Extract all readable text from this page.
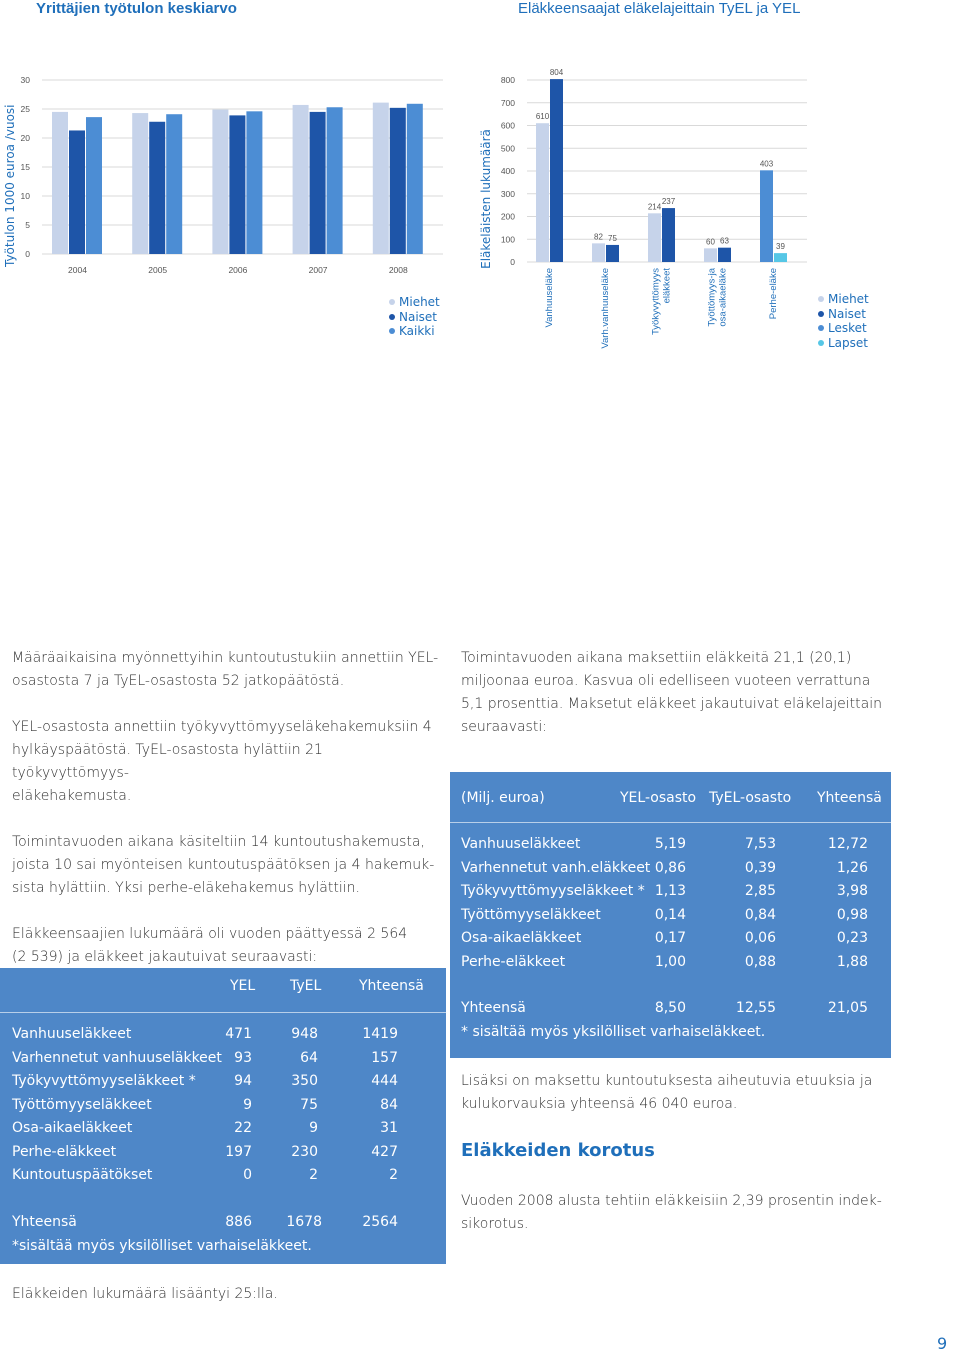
Yrittäjien työtulon keskiarvo	Eläkkeensaajat eläkelajeittain TyEL ja YEL
Työtulon 1000 euroa /vuosi 0
5
10
15
20
25
30
2004	2005	2006	2007	2008
Miehet
Naiset
Kaikki
Eläkeläisten lukumäärä 0
100
200
300
400
500
600
700
800
610
804
82 75
214
237
60 63
403
39
Vanhuuseläke	Varh.vanhuuseläke	Työkyvyttömyys eläkkeet	Työttömyys-ja osa-aikaeläke	Perhe-eläke	Miehet
Naiset
Lesket
Lapset

Määräaikaisina myönnettyihin kuntoutustukiin annettiin YEL-
osastosta 7 ja TyEL-osastosta 52 jatkopäätöstä.

YEL-osastosta annettiin työkyvyttömyyseläkehakemuksiin 4
hylkäyspäätöstä. TyEL-osastosta hylättiin 21 työkyvyttömyys-
eläkehakemusta.

Toimintavuoden aikana käsiteltiin 14 kuntoutushakemusta,
joista 10 sai myönteisen kuntoutuspäätöksen ja 4 hakemuk-
sista hylättiin. Yksi perhe-eläkehakemus hylättiin.

Eläkkeensaajien lukumäärä oli vuoden päättyessä 2 564
(2 539) ja eläkkeet jakautuivat seuraavasti:

YEL TyEL	Yhteensä
Vanhuuseläkkeet	471	948	1419
Varhennetut vanhuuseläkkeet 93	64	157
Työkyvyttömyyseläkkeet *	94	350	444
Työttömyyseläkkeet	9	75	84
Osa-aikaeläkkeet	22	9	31
Perhe-eläkkeet	197	230	427
Kuntoutuspäätökset	0	2	2
Yhteensä	886	1678	2564
*sisältää myös yksilölliset varhaiseläkkeet.
Eläkkeiden lukumäärä lisääntyi 25:lla.
Toimintavuoden aikana maksettiin eläkkeitä 21,1 (20,1)
miljoonaa euroa. Kasvua oli edelliseen vuoteen verrattuna
5,1 prosenttia. Maksetut eläkkeet jakautuivat eläkelajeittain
seuraavasti:
(Milj. euroa)	YEL-osasto TyEL-osasto Yhteensä
Vanhuuseläkkeet	5,19	7,53	12,72
Varhennetut vanh.eläkkeet 0,86	0,39	1,26
Työkyvyttömyyseläkkeet * 1,13	2,85	3,98
Työttömyyseläkkeet	0,14	0,84	0,98
Osa-aikaeläkkeet	0,17	0,06	0,23
Perhe-eläkkeet	1,00	0,88	1,88
Yhteensä	8,50	12,55	21,05
* sisältää myös yksilölliset varhaiseläkkeet.
Lisäksi on maksettu kuntoutuksesta aiheutuvia etuuksia ja
kulukorvauksia yhteensä 46 040 euroa.
Eläkkeiden korotus
Vuoden 2008 alusta tehtiin eläkkeisiin 2,39 prosentin indek-
sikorotus.
9
